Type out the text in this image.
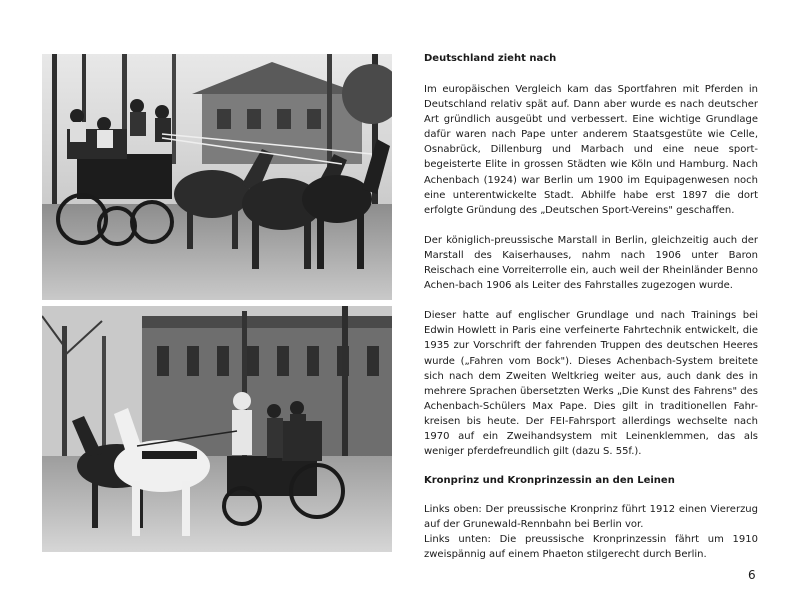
Deutschland zieht nach

Im europäischen Vergleich kam das Sportfahren mit Pferden in Deutschland relativ spät auf. Dann aber wurde es nach deutscher Art gründlich ausgeübt und verbessert. Eine wichtige Grundlage dafür waren nach Pape unter anderem Staatsgestüte wie Celle, Osnabrück, Dillenburg und Marbach und eine neue sport-begeisterte Elite in grossen Städten wie Köln und Hamburg. Nach Achenbach (1924) war Berlin um 1900 im Equipagenwesen noch eine unterentwickelte Stadt. Abhilfe habe erst 1897 die dort erfolgte Gründung des „Deutschen Sport-Vereins" geschaffen.

Der königlich-preussische Marstall in Berlin, gleichzeitig auch der Marstall des Kaiserhauses, nahm nach 1906 unter Baron Reischach eine Vorreiterrolle ein, auch weil der Rheinländer Benno Achen-bach 1906 als Leiter des Fahrstalles zugezogen wurde.

Dieser hatte auf englischer Grundlage und nach Trainings bei Edwin Howlett in Paris eine verfeinerte Fahrtechnik entwickelt, die 1935 zur Vorschrift der fahrenden Truppen des deutschen Heeres wurde („Fahren vom Bock"). Dieses Achenbach-System breitete sich nach dem Zweiten Weltkrieg weiter aus, auch dank des in mehrere Sprachen übersetzten Werks „Die Kunst des Fahrens" des Achenbach-Schülers Max Pape. Dies gilt in traditionellen Fahr-kreisen bis heute. Der FEI-Fahrsport allerdings wechselte nach 1970 auf ein Zweihandsystem mit Leinenklemmen, das als weniger pferdefreundlich gilt (dazu S. 55f.).

Kronprinz und Kronprinzessin an den Leinen

Links oben: Der preussische Kronprinz führt 1912 einen Viererzug auf der Grunewald-Rennbahn bei Berlin vor.

Links unten: Die preussische Kronprinzessin fährt um 1910 zweispännig auf einem Phaeton stilgerecht durch Berlin.

6
